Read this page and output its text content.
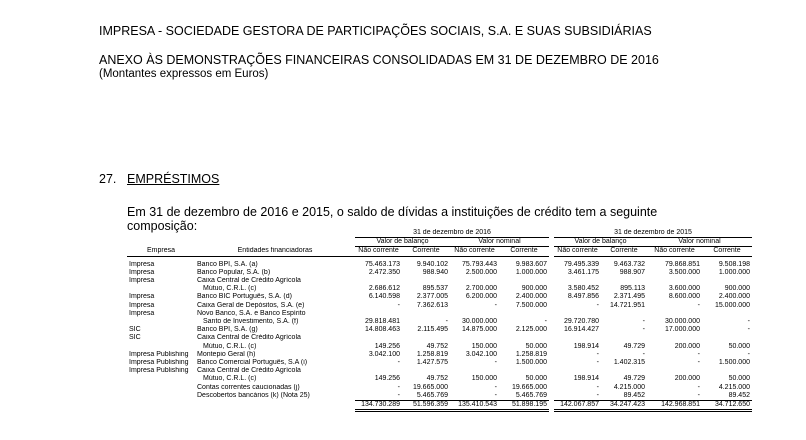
IMPRESA - SOCIEDADE GESTORA DE PARTICIPAÇÕES SOCIAIS, S.A. E SUAS SUBSIDIÁRIAS
ANEXO ÀS DEMONSTRAÇÕES FINANCEIRAS CONSOLIDADAS EM 31 DE DEZEMBRO DE 2016
(Montantes expressos em Euros)
27. EMPRÉSTIMOS
Em 31 de dezembro de 2016 e 2015, o saldo de dívidas a instituições de crédito tem a seguinte
composição:
			31 de dezembro de 2016					31 de dezembro de 2015			
		Valor de balanço		Valor nominal			Valor de balanço		Valor nominal	
Empresa	Entidades financiadoras	Não corrente	Corrente	Não corrente	Corrente		Não corrente	Corrente	Não corrente	Corrente

Impresa	Banco BPI, S.A. (a)	75.463.173	9.940.102	75.793.443	9.983.607		79.495.339	9.463.732	79.868.851	9.508.198
Impresa	Banco Popular, S.A. (b)	2.472.350	988.940	2.500.000	1.000.000		3.461.175	988.907	3.500.000	1.000.000
Impresa	Caixa Central de Crédito Agrícola									
	Mútuo, C.R.L. (c)	2.686.612	895.537	2.700.000	900.000		3.580.452	895.113	3.600.000	900.000
Impresa	Banco BIC Português, S.A. (d)	6.140.598	2.377.005	6.200.000	2.400.000		8.497.856	2.371.495	8.600.000	2.400.000
Impresa	Caixa Geral de Depósitos, S.A. (e)	-	7.362.613	-	7.500.000		-	14.721.951	-	15.000.000
Impresa	Novo Banco, S.A. e Banco Espírito									
	Santo de Investimento, S.A. (f)	29.818.481	-	30.000.000	-		29.720.780	-	30.000.000	-
SIC	Banco BPI, S.A. (g)	14.808.463	2.115.495	14.875.000	2.125.000		16.914.427	-	17.000.000	-
SIC	Caixa Central de Crédito Agrícola									
	Mútuo, C.R.L. (c)	149.256	49.752	150.000	50.000		198.914	49.729	200.000	50.000
Impresa Publishing	Montepio Geral (h)	3.042.100	1.258.819	3.042.100	1.258.819		-	-	-	-
Impresa Publishing	Banco Comercial Português, S.A (i)	-	1.427.575	-	1.500.000		-	1.402.315	-	1.500.000
Impresa Publishing	Caixa Central de Crédito Agrícola									
	Mútuo, C.R.L. (c)	149.256	49.752	150.000	50.000		198.914	49.729	200.000	50.000
	Contas correntes caucionadas (j)	-	19.665.000	-	19.665.000		-	4.215.000	-	4.215.000
	Descobertos bancários (k) (Nota 25)	-	5.465.769	-	5.465.769		-	89.452	-	89.452
		134.730.289	51.596.359	135.410.543	51.898.195		142.067.857	34.247.423	142.968.851	34.712.650
